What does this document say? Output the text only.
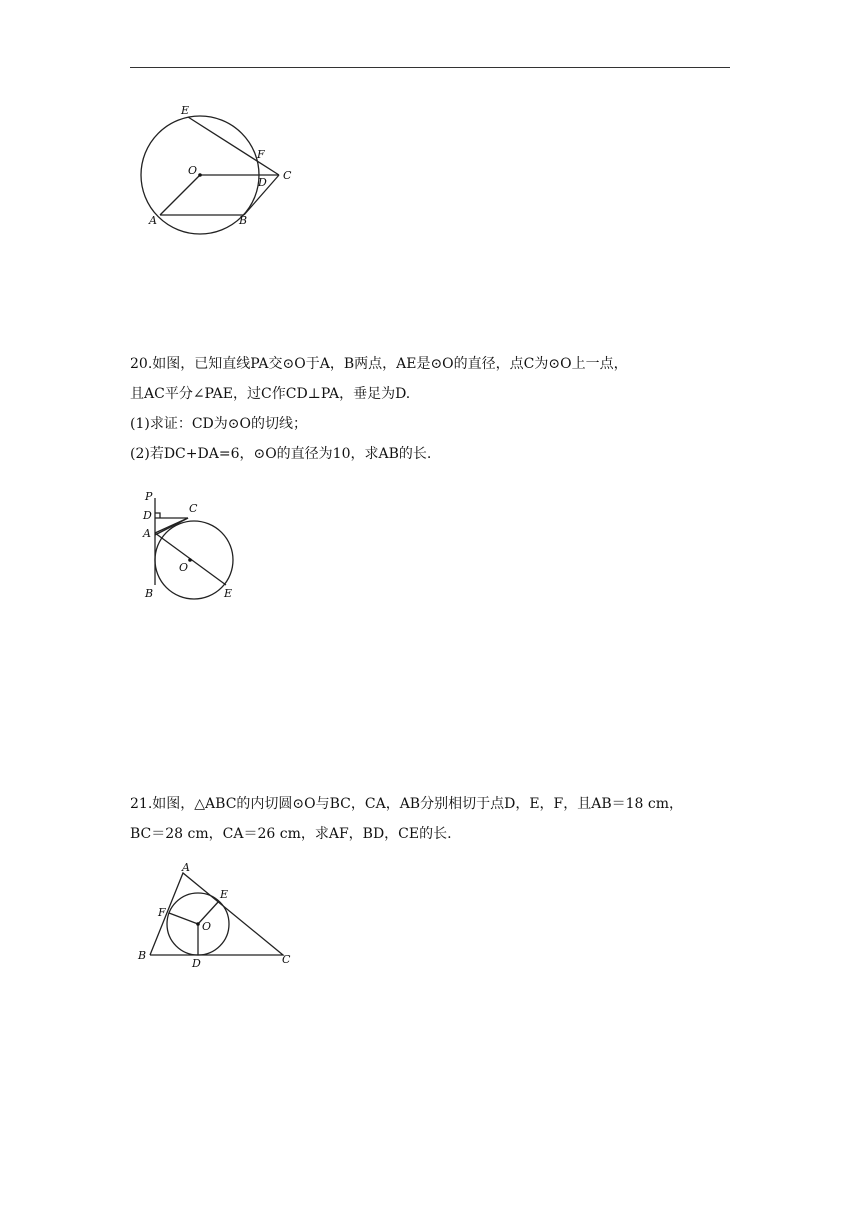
E
F
O	C
D
A	B

20.如图，已知直线PA交⊙O于A，B两点，AE是⊙O的直径，点C为⊙O上一点，

且AC平分∠PAE，过C作CD⊥PA，垂足为D.

(1)求证：CD为⊙O的切线；

(2)若DC+DA=6，⊙O的直径为10，求AB的长.

P
D
C
A
O
B	E

21.如图，△ABC的内切圆⊙O与BC，CA，AB分别相切于点D，E，F，且AB＝18 cm，

BC＝28 cm，CA＝26 cm，求AF，BD，CE的长.

A
E
F
O
B
D	C
